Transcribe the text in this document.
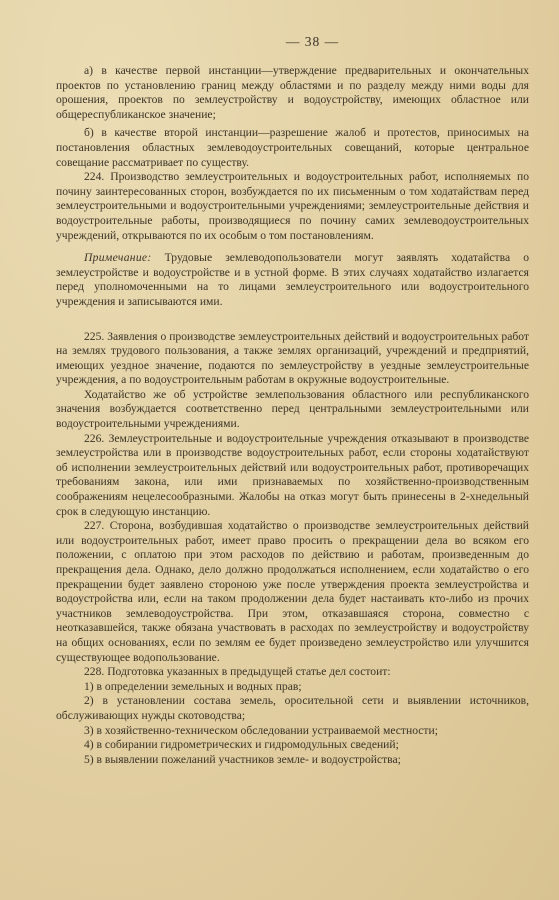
— 38 —

а) в качестве первой инстанции—утверждение предварительных и окончательных проектов по установлению границ между областями и по разделу между ними воды для орошения, проектов по землеустройству и водоустройству, имеющих областное или общереспубликанское значение;

б) в качестве второй инстанции—разрешение жалоб и протестов, приносимых на постановления областных землеводоустроительных совещаний, которые центральное совещание рассматривает по существу.

224. Производство землеустроительных и водоустроительных работ, исполняемых по почину заинтересованных сторон, возбуждается по их письменным о том ходатайствам перед землеустроительными и водоустроительными учреждениями; землеустроительные действия и водоустроительные работы, производящиеся по почину самих землеводоустроительных учреждений, открываются по их особым о том постановлениям.

Примечание: Трудовые землеводопользователи могут заявлять ходатайства о землеустройстве и водоустройстве и в устной форме. В этих случаях ходатайство излагается перед уполномоченными на то лицами землеустроительного или водоустроительного учреждения и записываются ими.

225. Заявления о производстве землеустроительных действий и водоустроительных работ на землях трудового пользования, а также землях организаций, учреждений и предприятий, имеющих уездное значение, подаются по землеустройству в уездные землеустроительные учреждения, а по водоустроительным работам в окружные водоустроительные.

Ходатайство же об устройстве землепользования областного или республиканского значения возбуждается соответственно перед центральными землеустроительными или водоустроительными учреждениями.

226. Землеустроительные и водоустроительные учреждения отказывают в производстве землеустройства или в производстве водоустроительных работ, если стороны ходатайствуют об исполнении землеустроительных действий или водоустроительных работ, противоречащих требованиям закона, или ими признаваемых по хозяйственно-производственным соображениям нецелесообразными. Жалобы на отказ могут быть принесены в 2-хнедельный срок в следующую инстанцию.

227. Сторона, возбудившая ходатайство о производстве землеустроительных действий или водоустроительных работ, имеет право просить о прекращении дела во всяком его положении, с оплатою при этом расходов по действию и работам, произведенным до прекращения дела. Однако, дело должно продолжаться исполнением, если ходатайство о его прекращении будет заявлено стороною уже после утверждения проекта землеустройства и водоустройства или, если на таком продолжении дела будет настаивать кто-либо из прочих участников землеводоустройства. При этом, отказавшаяся сторона, совместно с неотказавшейся, также обязана участвовать в расходах по землеустройству и водоустройству на общих основаниях, если по землям ее будет произведено землеустройство или улучшится существующее водопользование.

228. Подготовка указанных в предыдущей статье дел состоит:

1) в определении земельных и водных прав;

2) в установлении состава земель, оросительной сети и выявлении источников, обслуживающих нужды скотоводства;

3) в хозяйственно-техническом обследовании устраиваемой местности;

4) в собирании гидрометрических и гидромодульных сведений;

5) в выявлении пожеланий участников земле- и водоустройства;
